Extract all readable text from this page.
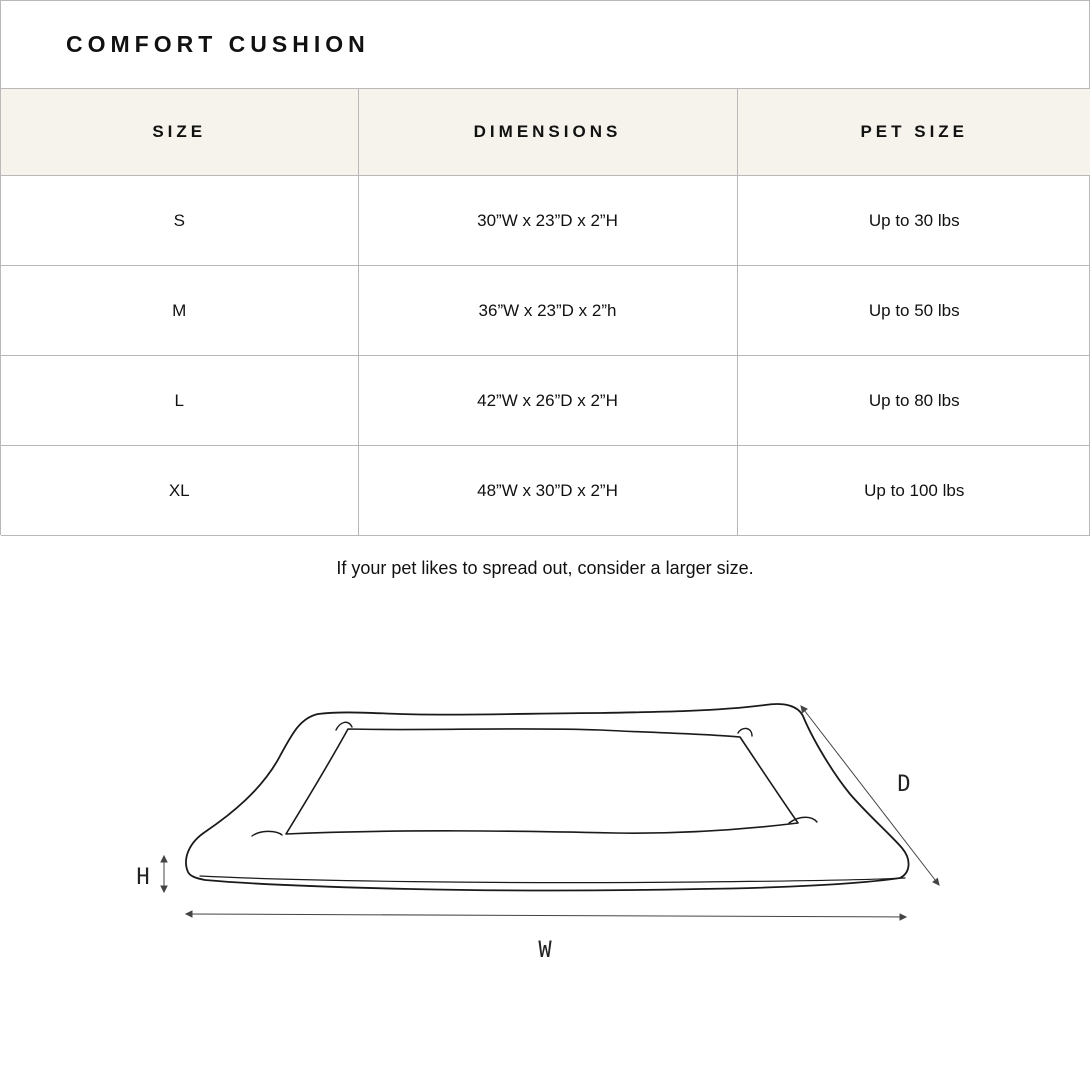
COMFORT CUSHION
SIZE	DIMENSIONS	PET SIZE
S	30”W x 23”D x 2”H	Up to 30 lbs
M	36”W x 23”D x 2”h	Up to 50 lbs
L	42”W x 26”D x 2”H	Up to 80 lbs
XL	48”W x 30”D x 2”H	Up to 100 lbs
If your pet likes to spread out, consider a larger size.
W
D
H
